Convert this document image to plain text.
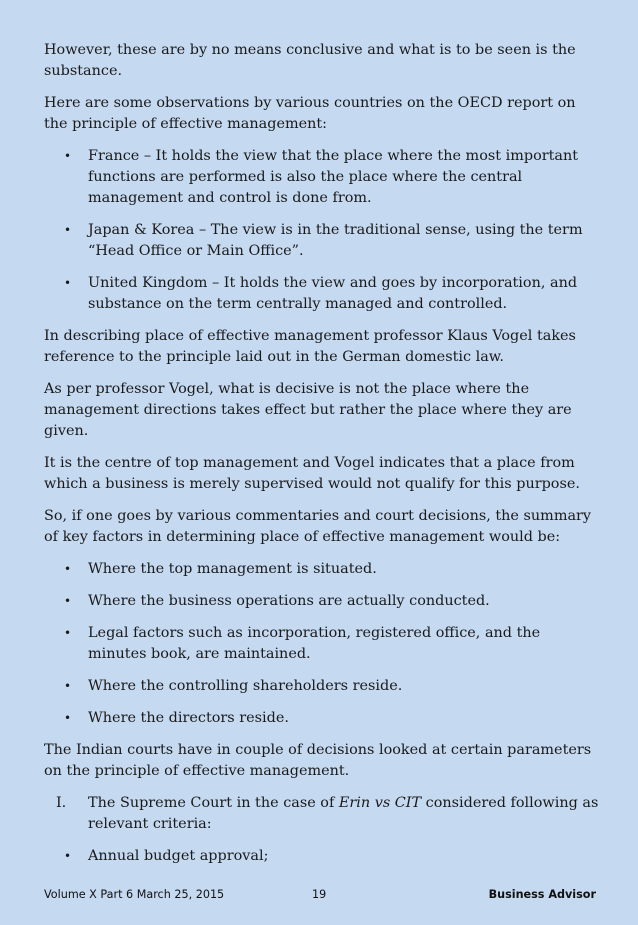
However, these are by no means conclusive and what is to be seen is the substance.

Here are some observations by various countries on the OECD report on the principle of effective management:

• France – It holds the view that the place where the most important functions are performed is also the place where the central management and control is done from.
• Japan & Korea – The view is in the traditional sense, using the term “Head Office or Main Office”.
• United Kingdom – It holds the view and goes by incorporation, and substance on the term centrally managed and controlled.

In describing place of effective management professor Klaus Vogel takes reference to the principle laid out in the German domestic law.

As per professor Vogel, what is decisive is not the place where the management directions takes effect but rather the place where they are given.

It is the centre of top management and Vogel indicates that a place from which a business is merely supervised would not qualify for this purpose.

So, if one goes by various commentaries and court decisions, the summary of key factors in determining place of effective management would be:

• Where the top management is situated.
• Where the business operations are actually conducted.
• Legal factors such as incorporation, registered office, and the minutes book, are maintained.
• Where the controlling shareholders reside.
• Where the directors reside.

The Indian courts have in couple of decisions looked at certain parameters on the principle of effective management.

I. The Supreme Court in the case of Erin vs CIT considered following as relevant criteria:
• Annual budget approval;
Volume X Part 6 March 25, 2015	19	Business Advisor
